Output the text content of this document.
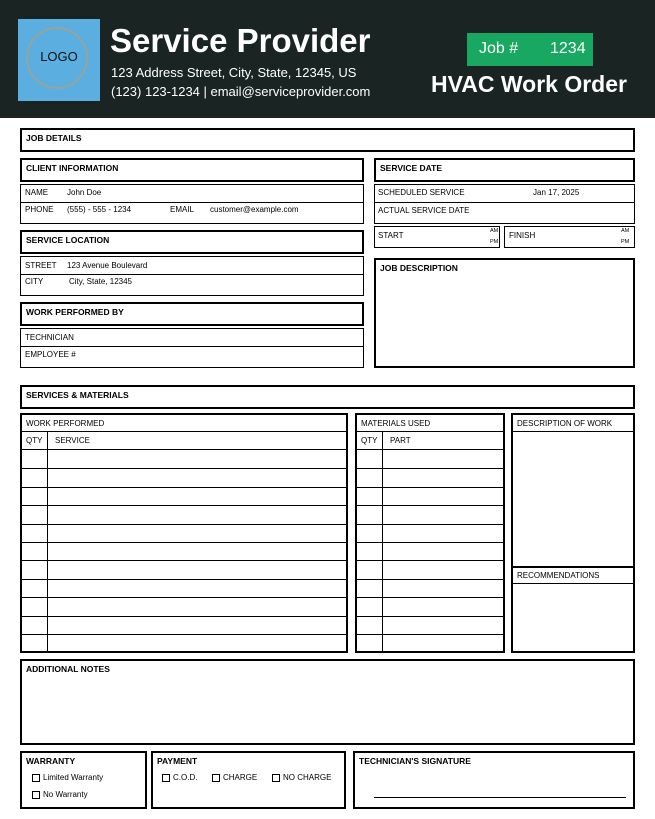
LOGO Service Provider
123 Address Street, City, State, 12345, US
(123) 123-1234 | email@serviceprovider.com
Job # 1234
HVAC Work Order
JOB DETAILS
CLIENT INFORMATION
NAME John Doe
PHONE (555) - 555 - 1234	EMAIL customer@example.com
SERVICE DATE
SCHEDULED SERVICE	Jan 17, 2025
ACTUAL SERVICE DATE
START	AM
PM
FINISH	AM
PM
SERVICE LOCATION
STREET 123 Avenue Boulevard
CITY	City, State, 12345
JOB DESCRIPTION
WORK PERFORMED BY
TECHNICIAN
EMPLOYEE #
SERVICES & MATERIALS
WORK PERFORMED
QTY SERVICE
MATERIALS USED
QTY PART
DESCRIPTION OF WORK
RECOMMENDATIONS
ADDITIONAL NOTES
WARRANTY
Limited Warranty
No Warranty
PAYMENT
C.O.D.	CHARGE	NO CHARGE
TECHNICIAN'S SIGNATURE
